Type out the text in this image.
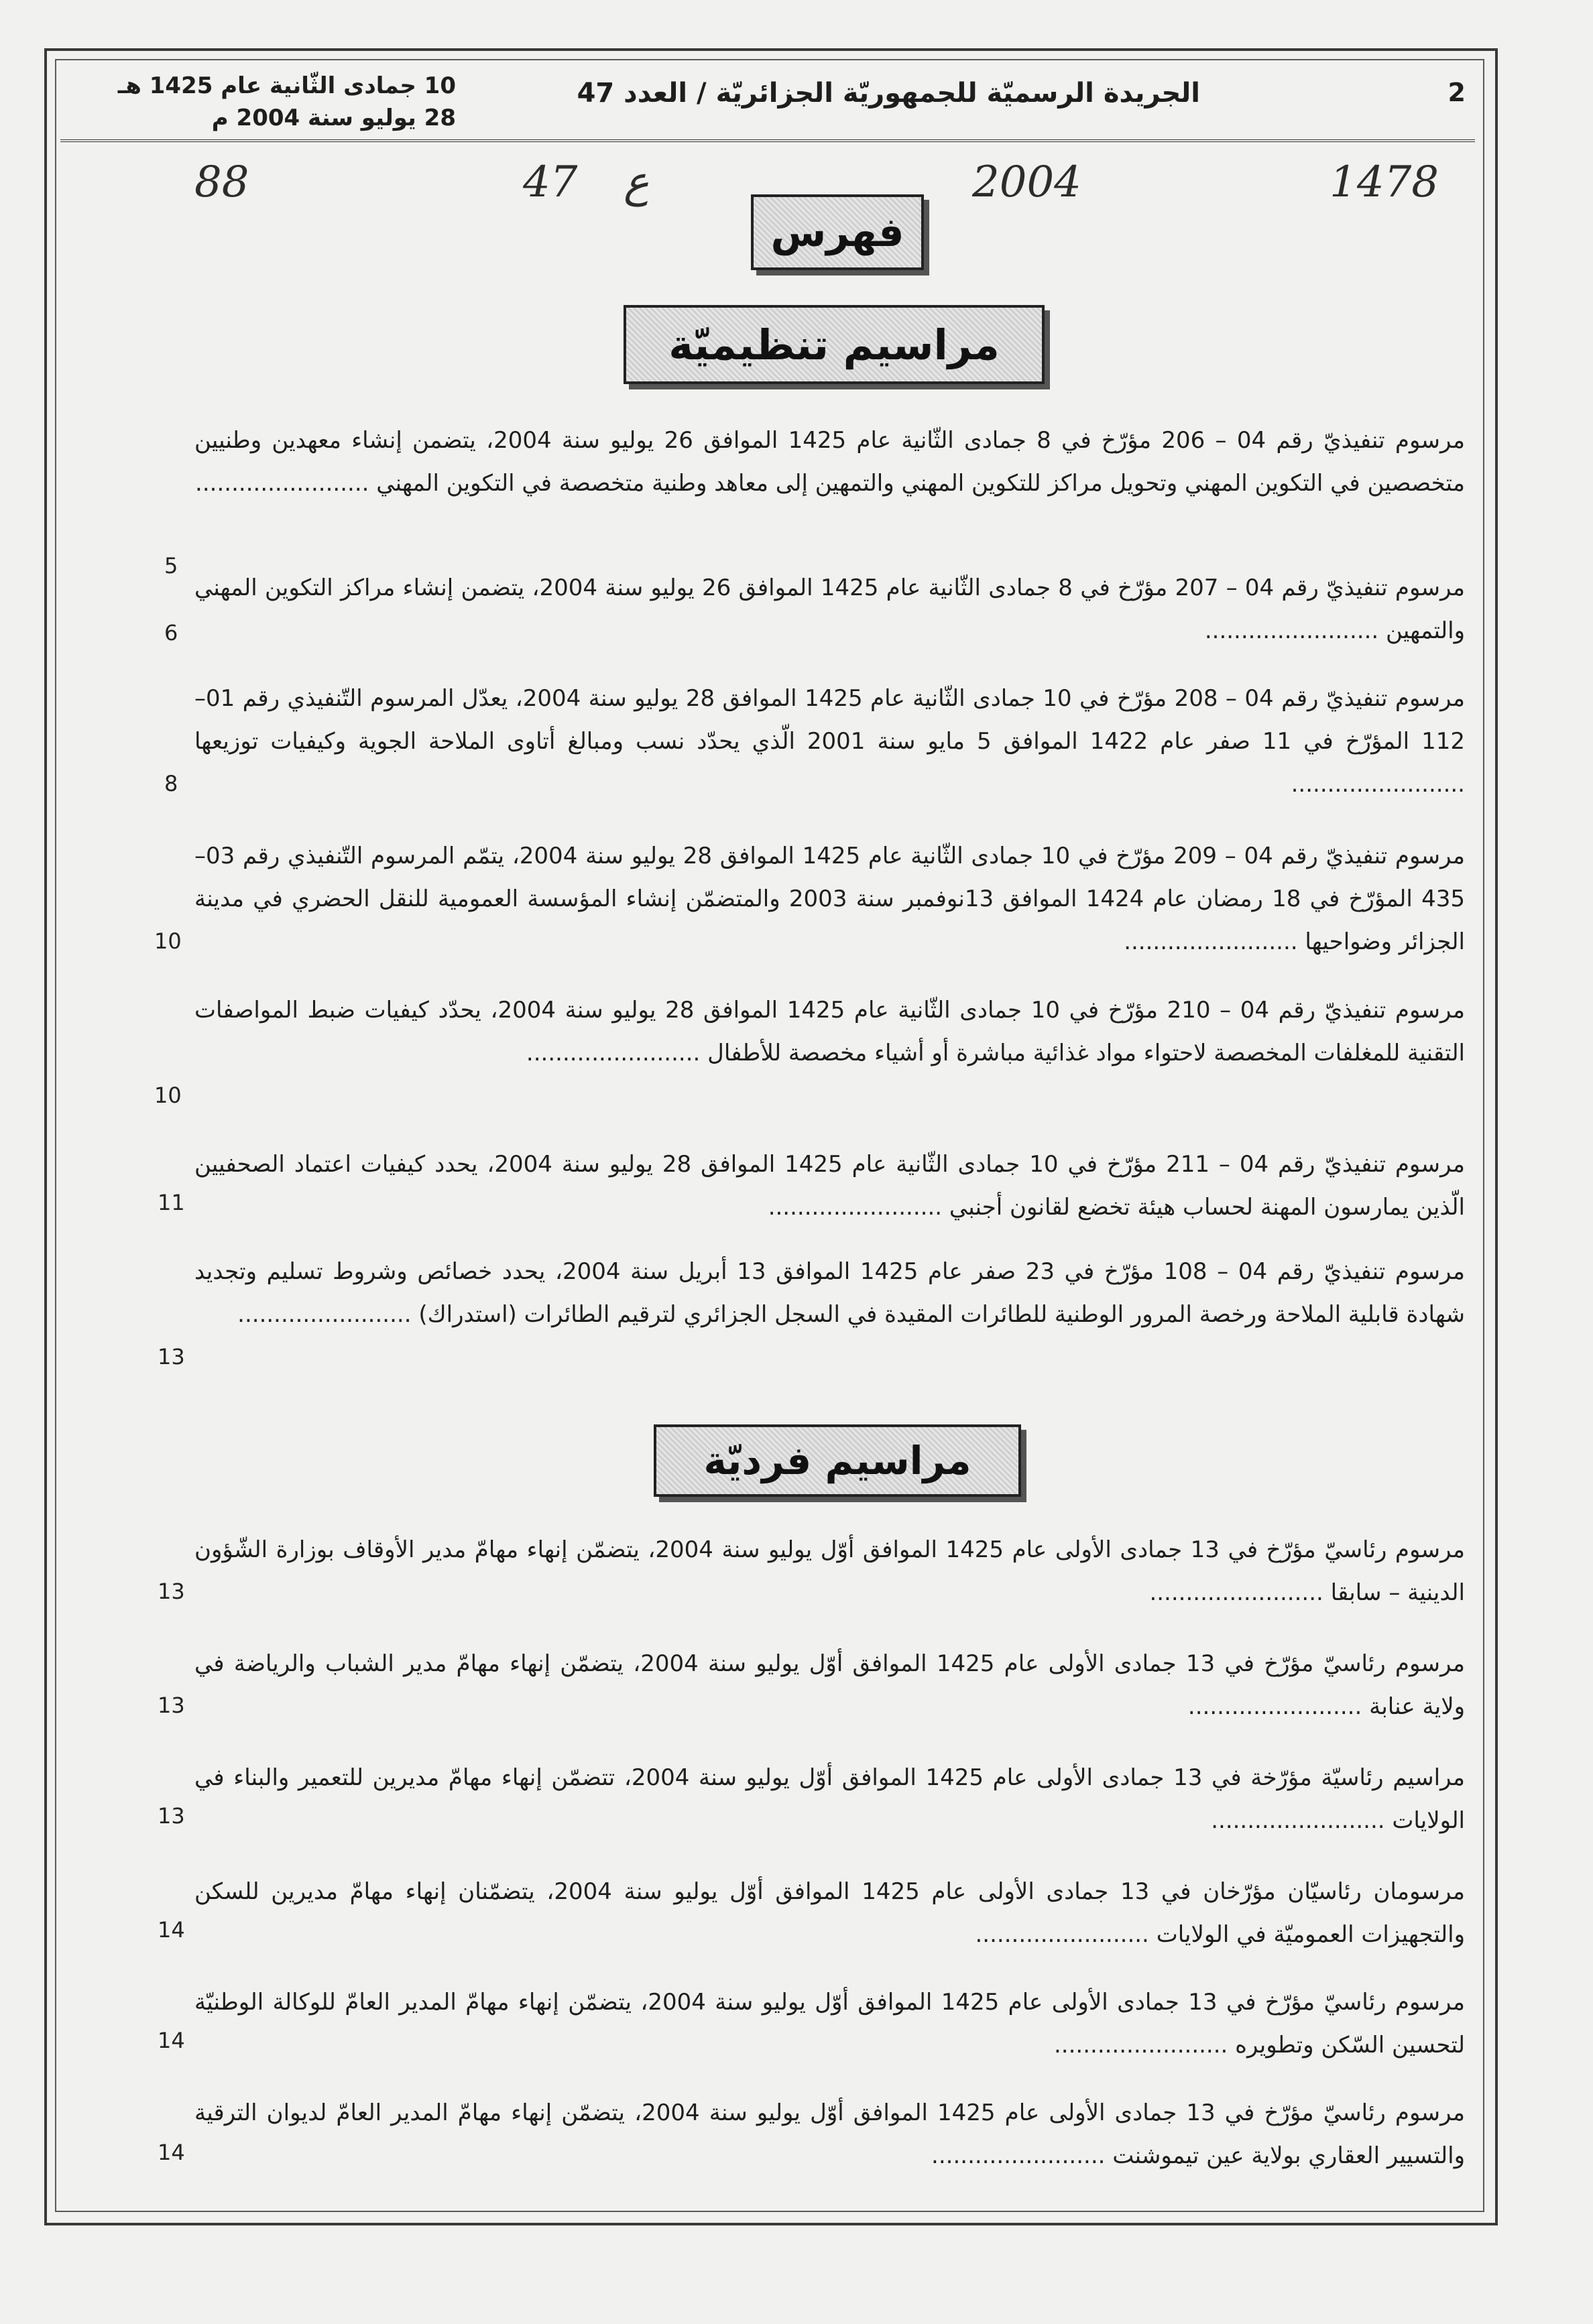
2
الجريدة الرسميّة للجمهوريّة الجزائريّة / العدد 47
10 جمادى الثّانية عام 1425 هـ
28 يوليو سنة 2004 م
1478
2004
ع
47
88
فهرس
مراسيم تنظيميّة
مرسوم تنفيذيّ رقم 04 – 206 مؤرّخ في 8 جمادى الثّانية عام 1425 الموافق 26 يوليو سنة 2004، يتضمن إنشاء معهدين وطنيين متخصصين في التكوين المهني وتحويل مراكز للتكوين المهني والتمهين إلى معاهد وطنية متخصصة في التكوين المهني ........................
5
مرسوم تنفيذيّ رقم 04 – 207 مؤرّخ في 8 جمادى الثّانية عام 1425 الموافق 26 يوليو سنة 2004، يتضمن إنشاء مراكز التكوين المهني والتمهين ........................
6
مرسوم تنفيذيّ رقم 04 – 208 مؤرّخ في 10 جمادى الثّانية عام 1425 الموافق 28 يوليو سنة 2004، يعدّل المرسوم التّنفيذي رقم 01–112 المؤرّخ في 11 صفر عام 1422 الموافق 5 مايو سنة 2001 الّذي يحدّد نسب ومبالغ أتاوى الملاحة الجوية وكيفيات توزيعها ........................
8
مرسوم تنفيذيّ رقم 04 – 209 مؤرّخ في 10 جمادى الثّانية عام 1425 الموافق 28 يوليو سنة 2004، يتمّم المرسوم التّنفيذي رقم 03–435 المؤرّخ في 18 رمضان عام 1424 الموافق 13نوفمبر سنة 2003 والمتضمّن إنشاء المؤسسة العمومية للنقل الحضري في مدينة الجزائر وضواحيها ........................
10
مرسوم تنفيذيّ رقم 04 – 210 مؤرّخ في 10 جمادى الثّانية عام 1425 الموافق 28 يوليو سنة 2004، يحدّد كيفيات ضبط المواصفات التقنية للمغلفات المخصصة لاحتواء مواد غذائية مباشرة أو أشياء مخصصة للأطفال ........................
10
مرسوم تنفيذيّ رقم 04 – 211 مؤرّخ في 10 جمادى الثّانية عام 1425 الموافق 28 يوليو سنة 2004، يحدد كيفيات اعتماد الصحفيين الّذين يمارسون المهنة لحساب هيئة تخضع لقانون أجنبي ........................
11
مرسوم تنفيذيّ رقم 04 – 108 مؤرّخ في 23 صفر عام 1425 الموافق 13 أبريل سنة 2004، يحدد خصائص وشروط تسليم وتجديد شهادة قابلية الملاحة ورخصة المرور الوطنية للطائرات المقيدة في السجل الجزائري لترقيم الطائرات (استدراك) ........................
13
مراسيم فرديّة
مرسوم رئاسيّ مؤرّخ في 13 جمادى الأولى عام 1425 الموافق أوّل يوليو سنة 2004، يتضمّن إنهاء مهامّ مدير الأوقاف بوزارة الشّؤون الدينية – سابقا ........................
13
مرسوم رئاسيّ مؤرّخ في 13 جمادى الأولى عام 1425 الموافق أوّل يوليو سنة 2004، يتضمّن إنهاء مهامّ مدير الشباب والرياضة في ولاية عنابة ........................
13
مراسيم رئاسيّة مؤرّخة في 13 جمادى الأولى عام 1425 الموافق أوّل يوليو سنة 2004، تتضمّن إنهاء مهامّ مديرين للتعمير والبناء في الولايات ........................
13
مرسومان رئاسيّان مؤرّخان في 13 جمادى الأولى عام 1425 الموافق أوّل يوليو سنة 2004، يتضمّنان إنهاء مهامّ مديرين للسكن والتجهيزات العموميّة في الولايات ........................
14
مرسوم رئاسيّ مؤرّخ في 13 جمادى الأولى عام 1425 الموافق أوّل يوليو سنة 2004، يتضمّن إنهاء مهامّ المدير العامّ للوكالة الوطنيّة لتحسين السّكن وتطويره ........................
14
مرسوم رئاسيّ مؤرّخ في 13 جمادى الأولى عام 1425 الموافق أوّل يوليو سنة 2004، يتضمّن إنهاء مهامّ المدير العامّ لديوان الترقية والتسيير العقاري بولاية عين تيموشنت ........................
14
